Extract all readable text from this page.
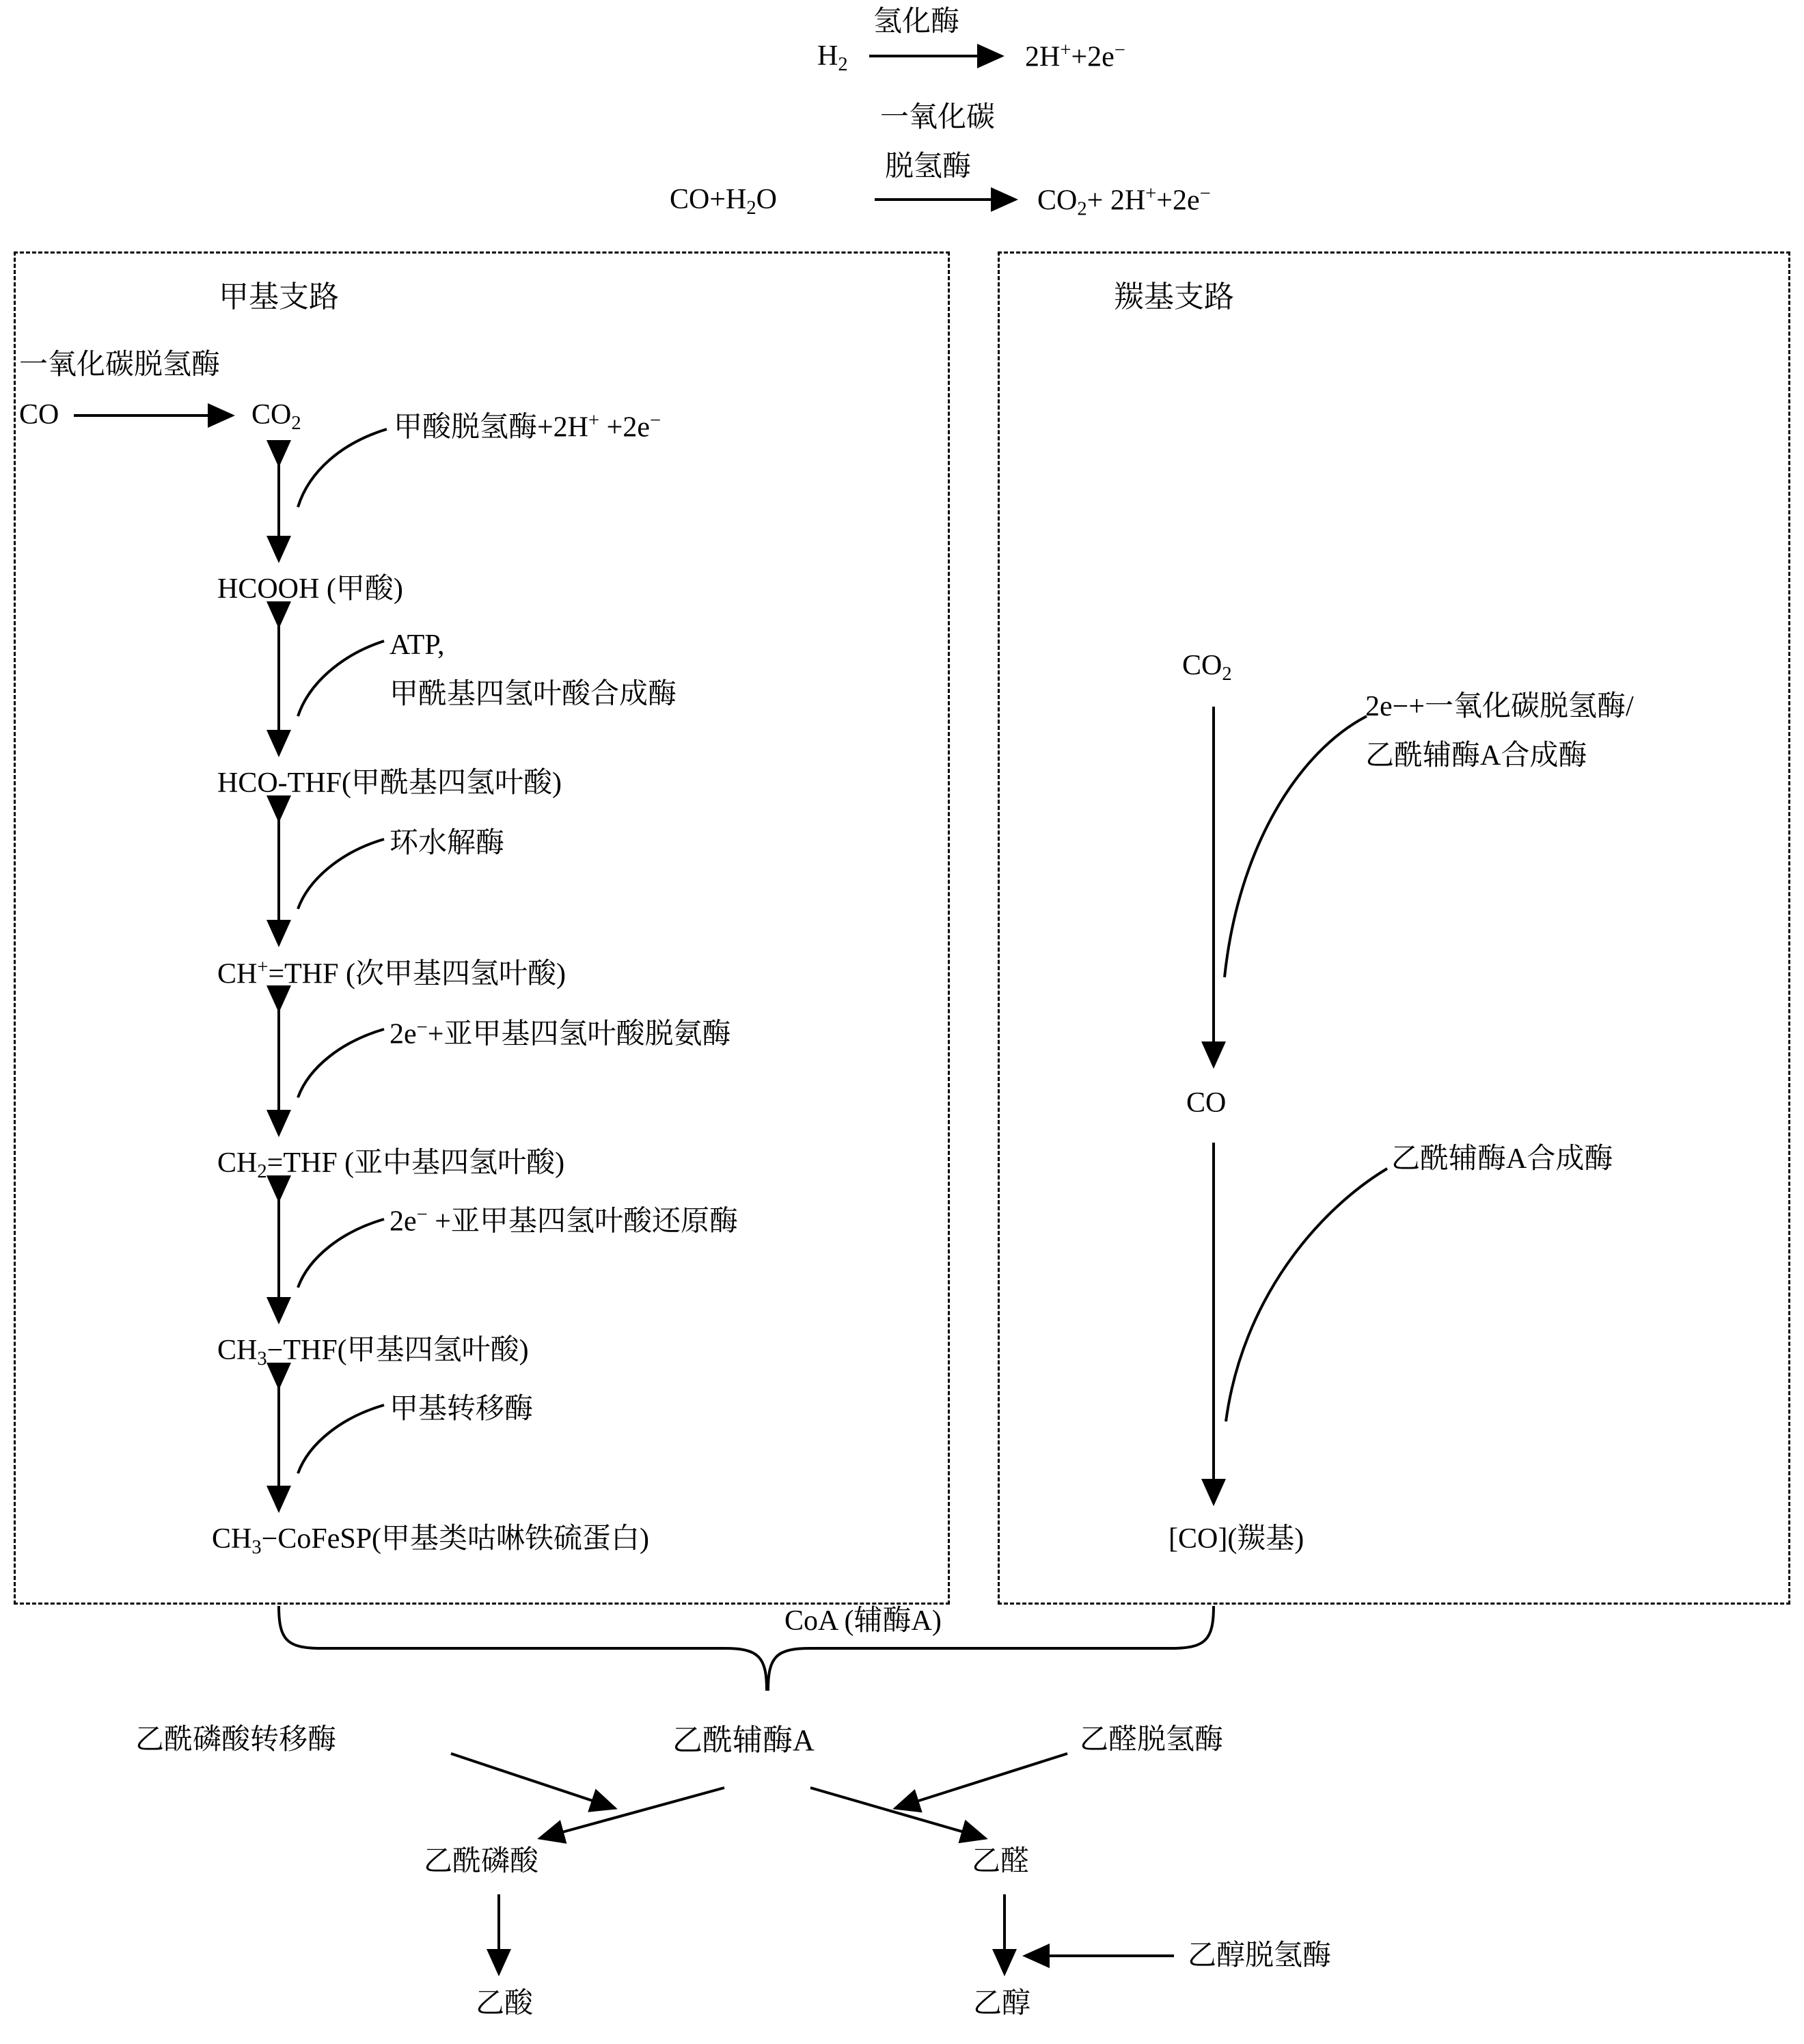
氢化酶
$H_2$	2H++2e−
一氧化碳
脱氢酶
$CO+H_2O$	$CO_2+ 2H^++2e^-$
甲基支路	羰基支路
一氧化碳脱氢酶
CO	$CO_2$	甲酸脱氢酶+2H+ +2e−
HCOOH (甲酸)
ATP,
甲酰基四氢叶酸合成酶
HCO-THF(甲酰基四氢叶酸)
环水解酶
CH+=THF (次甲基四氢叶酸)
2e−+亚甲基四氢叶酸脱氨酶
$CH_2=THF$ (亚中基四氢叶酸)
2e− +亚甲基四氢叶酸还原酶
$CH_3-THF$(甲基四氢叶酸)
甲基转移酶
$CH_3-CoFeSP$(甲基类咕啉铁硫蛋白)
$CO_2$
2e−+一氧化碳脱氢酶/
乙酰辅酶A合成酶
CO
乙酰辅酶A合成酶
[CO](羰基)
CoA (辅酶A)
乙酰辅酶A
乙酰磷酸转移酶	乙醛脱氢酶
乙酰磷酸	乙醛
乙醇脱氢酶
乙酸	乙醇
